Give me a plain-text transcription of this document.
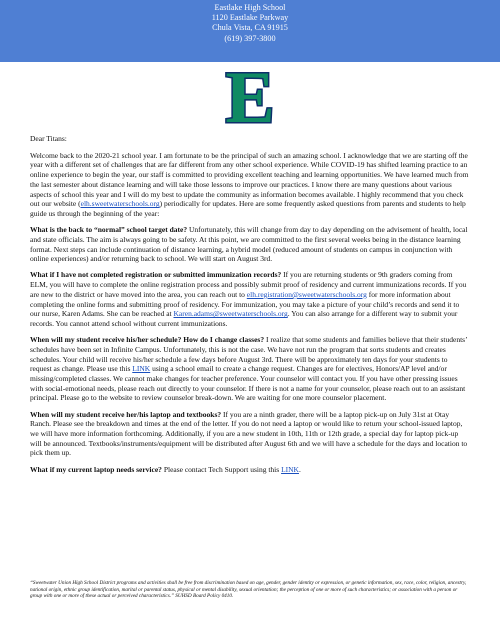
Eastlake High School
1120 Eastlake Parkway
Chula Vista, CA 91915
(619) 397-3800
E

Dear Titans:

Welcome back to the 2020-21 school year. I am fortunate to be the principal of such an amazing school. I acknowledge that we are starting off the year with a different set of challenges that are far different from any other school experience. While COVID-19 has shifted learning practice to an online experience to begin the year, our staff is committed to providing excellent teaching and learning opportunities. We have learned much from the last semester about distance learning and will take those lessons to improve our practices. I know there are many questions about various aspects of school this year and I will do my best to update the community as information becomes available. I highly recommend that you check out our website (elh.sweetwaterschools.org) periodically for updates. Here are some frequently asked questions from parents and students to help guide us through the beginning of the year:

What is the back to “normal” school target date? Unfortunately, this will change from day to day depending on the advisement of health, local and state officials. The aim is always going to be safety. At this point, we are committed to the first several weeks being in the distance learning format. Next steps can include continuation of distance learning, a hybrid model (reduced amount of students on campus in conjunction with online experiences) and/or returning back to school. We will start on August 3rd.

What if I have not completed registration or submitted immunization records? If you are returning students or 9th graders coming from ELM, you will have to complete the online registration process and possibly submit proof of residency and current immunizations records. If you are new to the district or have moved into the area, you can reach out to elh.registration@sweetwaterschools.org for more information about completing the online forms and submitting proof of residency. For immunization, you may take a picture of your child’s records and send it to our nurse, Karen Adams. She can be reached at Karen.adams@sweetwaterschools.org. You can also arrange for a different way to submit your records. You cannot attend school without current immunizations.

When will my student receive his/her schedule? How do I change classes? I realize that some students and families believe that their students’ schedules have been set in Infinite Campus. Unfortunately, this is not the case. We have not run the program that sorts students and creates schedules. Your child will receive his/her schedule a few days before August 3rd. There will be approximately ten days for your students to request as change. Please use this LINK using a school email to create a change request. Changes are for electives, Honors/AP level and/or missing/completed classes. We cannot make changes for teacher preference. Your counselor will contact you. If you have other pressing issues with social-emotional needs, please reach out directly to your counselor. If there is not a name for your counselor, please reach out to an assistant principal. Please go to the website to review counselor break-down. We are waiting for one more counselor placement.

When will my student receive her/his laptop and textbooks? If you are a ninth grader, there will be a laptop pick-up on July 31st at Otay Ranch. Please see the breakdown and times at the end of the letter. If you do not need a laptop or would like to return your school-issued laptop, we will have more information forthcoming. Additionally, if you are a new student in 10th, 11th or 12th grade, a special day for laptop pick-up will be announced. Textbooks/instruments/equipment will be distributed after August 6th and we will have a schedule for the days and location to pick them up.

What if my current laptop needs service? Please contact Tech Support using this LINK.

“Sweetwater Union High School District programs and activities shall be free from discrimination based on age, gender, gender identity or expression, or genetic information, sex, race, color, religion, ancestry, national origin, ethnic group identification, marital or parental status, physical or mental disability, sexual orientation; the perception of one or more of such characteristics; or association with a person or group with one or more of these actual or perceived characteristics.” SUHSD Board Policy 0410.
